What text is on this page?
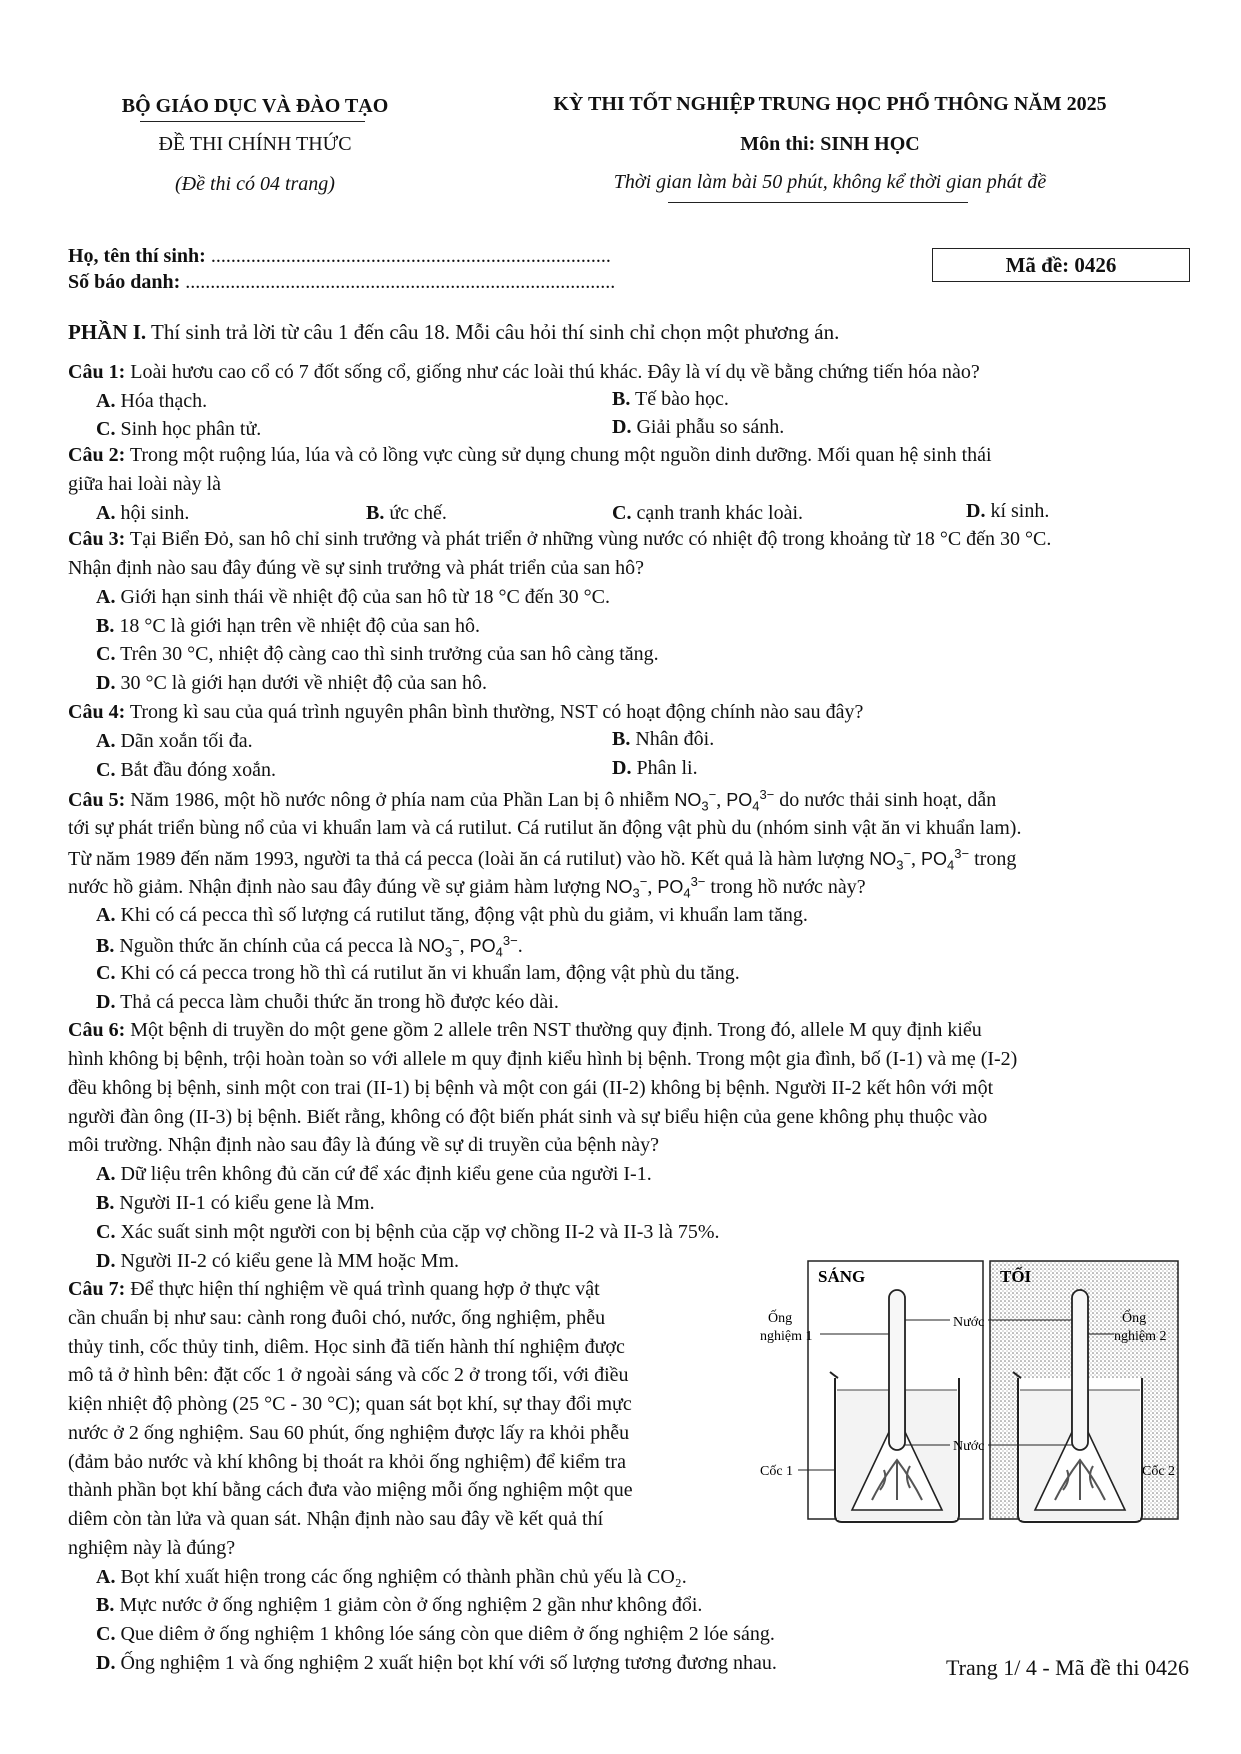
BỘ GIÁO DỤC VÀ ĐÀO TẠO
ĐỀ THI CHÍNH THỨC
(Đề thi có 04 trang)
KỲ THI TỐT NGHIỆP TRUNG HỌC PHỔ THÔNG NĂM 2025
Môn thi: SINH HỌC
Thời gian làm bài 50 phút, không kể thời gian phát đề
Họ, tên thí sinh: ................................................................................
Số báo danh: ......................................................................................
Mã đề: 0426
PHẦN I. Thí sinh trả lời từ câu 1 đến câu 18. Mỗi câu hỏi thí sinh chỉ chọn một phương án.
Câu 1: Loài hươu cao cổ có 7 đốt sống cổ, giống như các loài thú khác. Đây là ví dụ về bằng chứng tiến hóa nào?
A. Hóa thạch.	B. Tế bào học.
C. Sinh học phân tử.	D. Giải phẫu so sánh.
Câu 2: Trong một ruộng lúa, lúa và cỏ lồng vực cùng sử dụng chung một nguồn dinh dưỡng. Mối quan hệ sinh thái
giữa hai loài này là
A. hội sinh.	B. ức chế.	C. cạnh tranh khác loài.	D. kí sinh.
Câu 3: Tại Biển Đỏ, san hô chỉ sinh trưởng và phát triển ở những vùng nước có nhiệt độ trong khoảng từ 18 °C đến 30 °C.
Nhận định nào sau đây đúng về sự sinh trưởng và phát triển của san hô?
A. Giới hạn sinh thái về nhiệt độ của san hô từ 18 °C đến 30 °C.
B. 18 °C là giới hạn trên về nhiệt độ của san hô.
C. Trên 30 °C, nhiệt độ càng cao thì sinh trưởng của san hô càng tăng.
D. 30 °C là giới hạn dưới về nhiệt độ của san hô.
Câu 4: Trong kì sau của quá trình nguyên phân bình thường, NST có hoạt động chính nào sau đây?
A. Dãn xoắn tối đa.	B. Nhân đôi.
C. Bắt đầu đóng xoắn.	D. Phân li.
Câu 5: Năm 1986, một hồ nước nông ở phía nam của Phần Lan bị ô nhiễm $NO_3^-$, $PO_4^{3-}$ do nước thải sinh hoạt, dẫn
tới sự phát triển bùng nổ của vi khuẩn lam và cá rutilut. Cá rutilut ăn động vật phù du (nhóm sinh vật ăn vi khuẩn lam).
Từ năm 1989 đến năm 1993, người ta thả cá pecca (loài ăn cá rutilut) vào hồ. Kết quả là hàm lượng $NO_3^-$, $PO_4^{3-}$ trong
nước hồ giảm. Nhận định nào sau đây đúng về sự giảm hàm lượng $NO_3^-$, $PO_4^{3-}$ trong hồ nước này?
A. Khi có cá pecca thì số lượng cá rutilut tăng, động vật phù du giảm, vi khuẩn lam tăng.
B. Nguồn thức ăn chính của cá pecca là $NO_3^-$, $PO_4^{3-}$.
C. Khi có cá pecca trong hồ thì cá rutilut ăn vi khuẩn lam, động vật phù du tăng.
D. Thả cá pecca làm chuỗi thức ăn trong hồ được kéo dài.
Câu 6: Một bệnh di truyền do một gene gồm 2 allele trên NST thường quy định. Trong đó, allele M quy định kiểu
hình không bị bệnh, trội hoàn toàn so với allele m quy định kiểu hình bị bệnh. Trong một gia đình, bố (I-1) và mẹ (I-2)
đều không bị bệnh, sinh một con trai (II-1) bị bệnh và một con gái (II-2) không bị bệnh. Người II-2 kết hôn với một
người đàn ông (II-3) bị bệnh. Biết rằng, không có đột biến phát sinh và sự biểu hiện của gene không phụ thuộc vào
môi trường. Nhận định nào sau đây là đúng về sự di truyền của bệnh này?
A. Dữ liệu trên không đủ căn cứ để xác định kiểu gene của người I-1.
B. Người II-1 có kiểu gene là Mm.
C. Xác suất sinh một người con bị bệnh của cặp vợ chồng II-2 và II-3 là 75%.
D. Người II-2 có kiểu gene là MM hoặc Mm.
Câu 7: Để thực hiện thí nghiệm về quá trình quang hợp ở thực vật
cần chuẩn bị như sau: cành rong đuôi chó, nước, ống nghiệm, phễu
thủy tinh, cốc thủy tinh, diêm. Học sinh đã tiến hành thí nghiệm được
mô tả ở hình bên: đặt cốc 1 ở ngoài sáng và cốc 2 ở trong tối, với điều
kiện nhiệt độ phòng (25 °C - 30 °C); quan sát bọt khí, sự thay đổi mực
nước ở 2 ống nghiệm. Sau 60 phút, ống nghiệm được lấy ra khỏi phễu
(đảm bảo nước và khí không bị thoát ra khỏi ống nghiệm) để kiểm tra
thành phần bọt khí bằng cách đưa vào miệng mỗi ống nghiệm một que
diêm còn tàn lửa và quan sát. Nhận định nào sau đây về kết quả thí
nghiệm này là đúng?
A. Bọt khí xuất hiện trong các ống nghiệm có thành phần chủ yếu là CO₂.
B. Mực nước ở ống nghiệm 1 giảm còn ở ống nghiệm 2 gần như không đổi.
C. Que diêm ở ống nghiệm 1 không lóe sáng còn que diêm ở ống nghiệm 2 lóe sáng.
D. Ống nghiệm 1 và ống nghiệm 2 xuất hiện bọt khí với số lượng tương đương nhau.
SÁNG	TỐI
Ống
nghiệm 1
Nước	Ống
nghiệm 2
Nước
Cốc 1	Cốc 2
Trang 1/ 4 - Mã đề thi 0426
